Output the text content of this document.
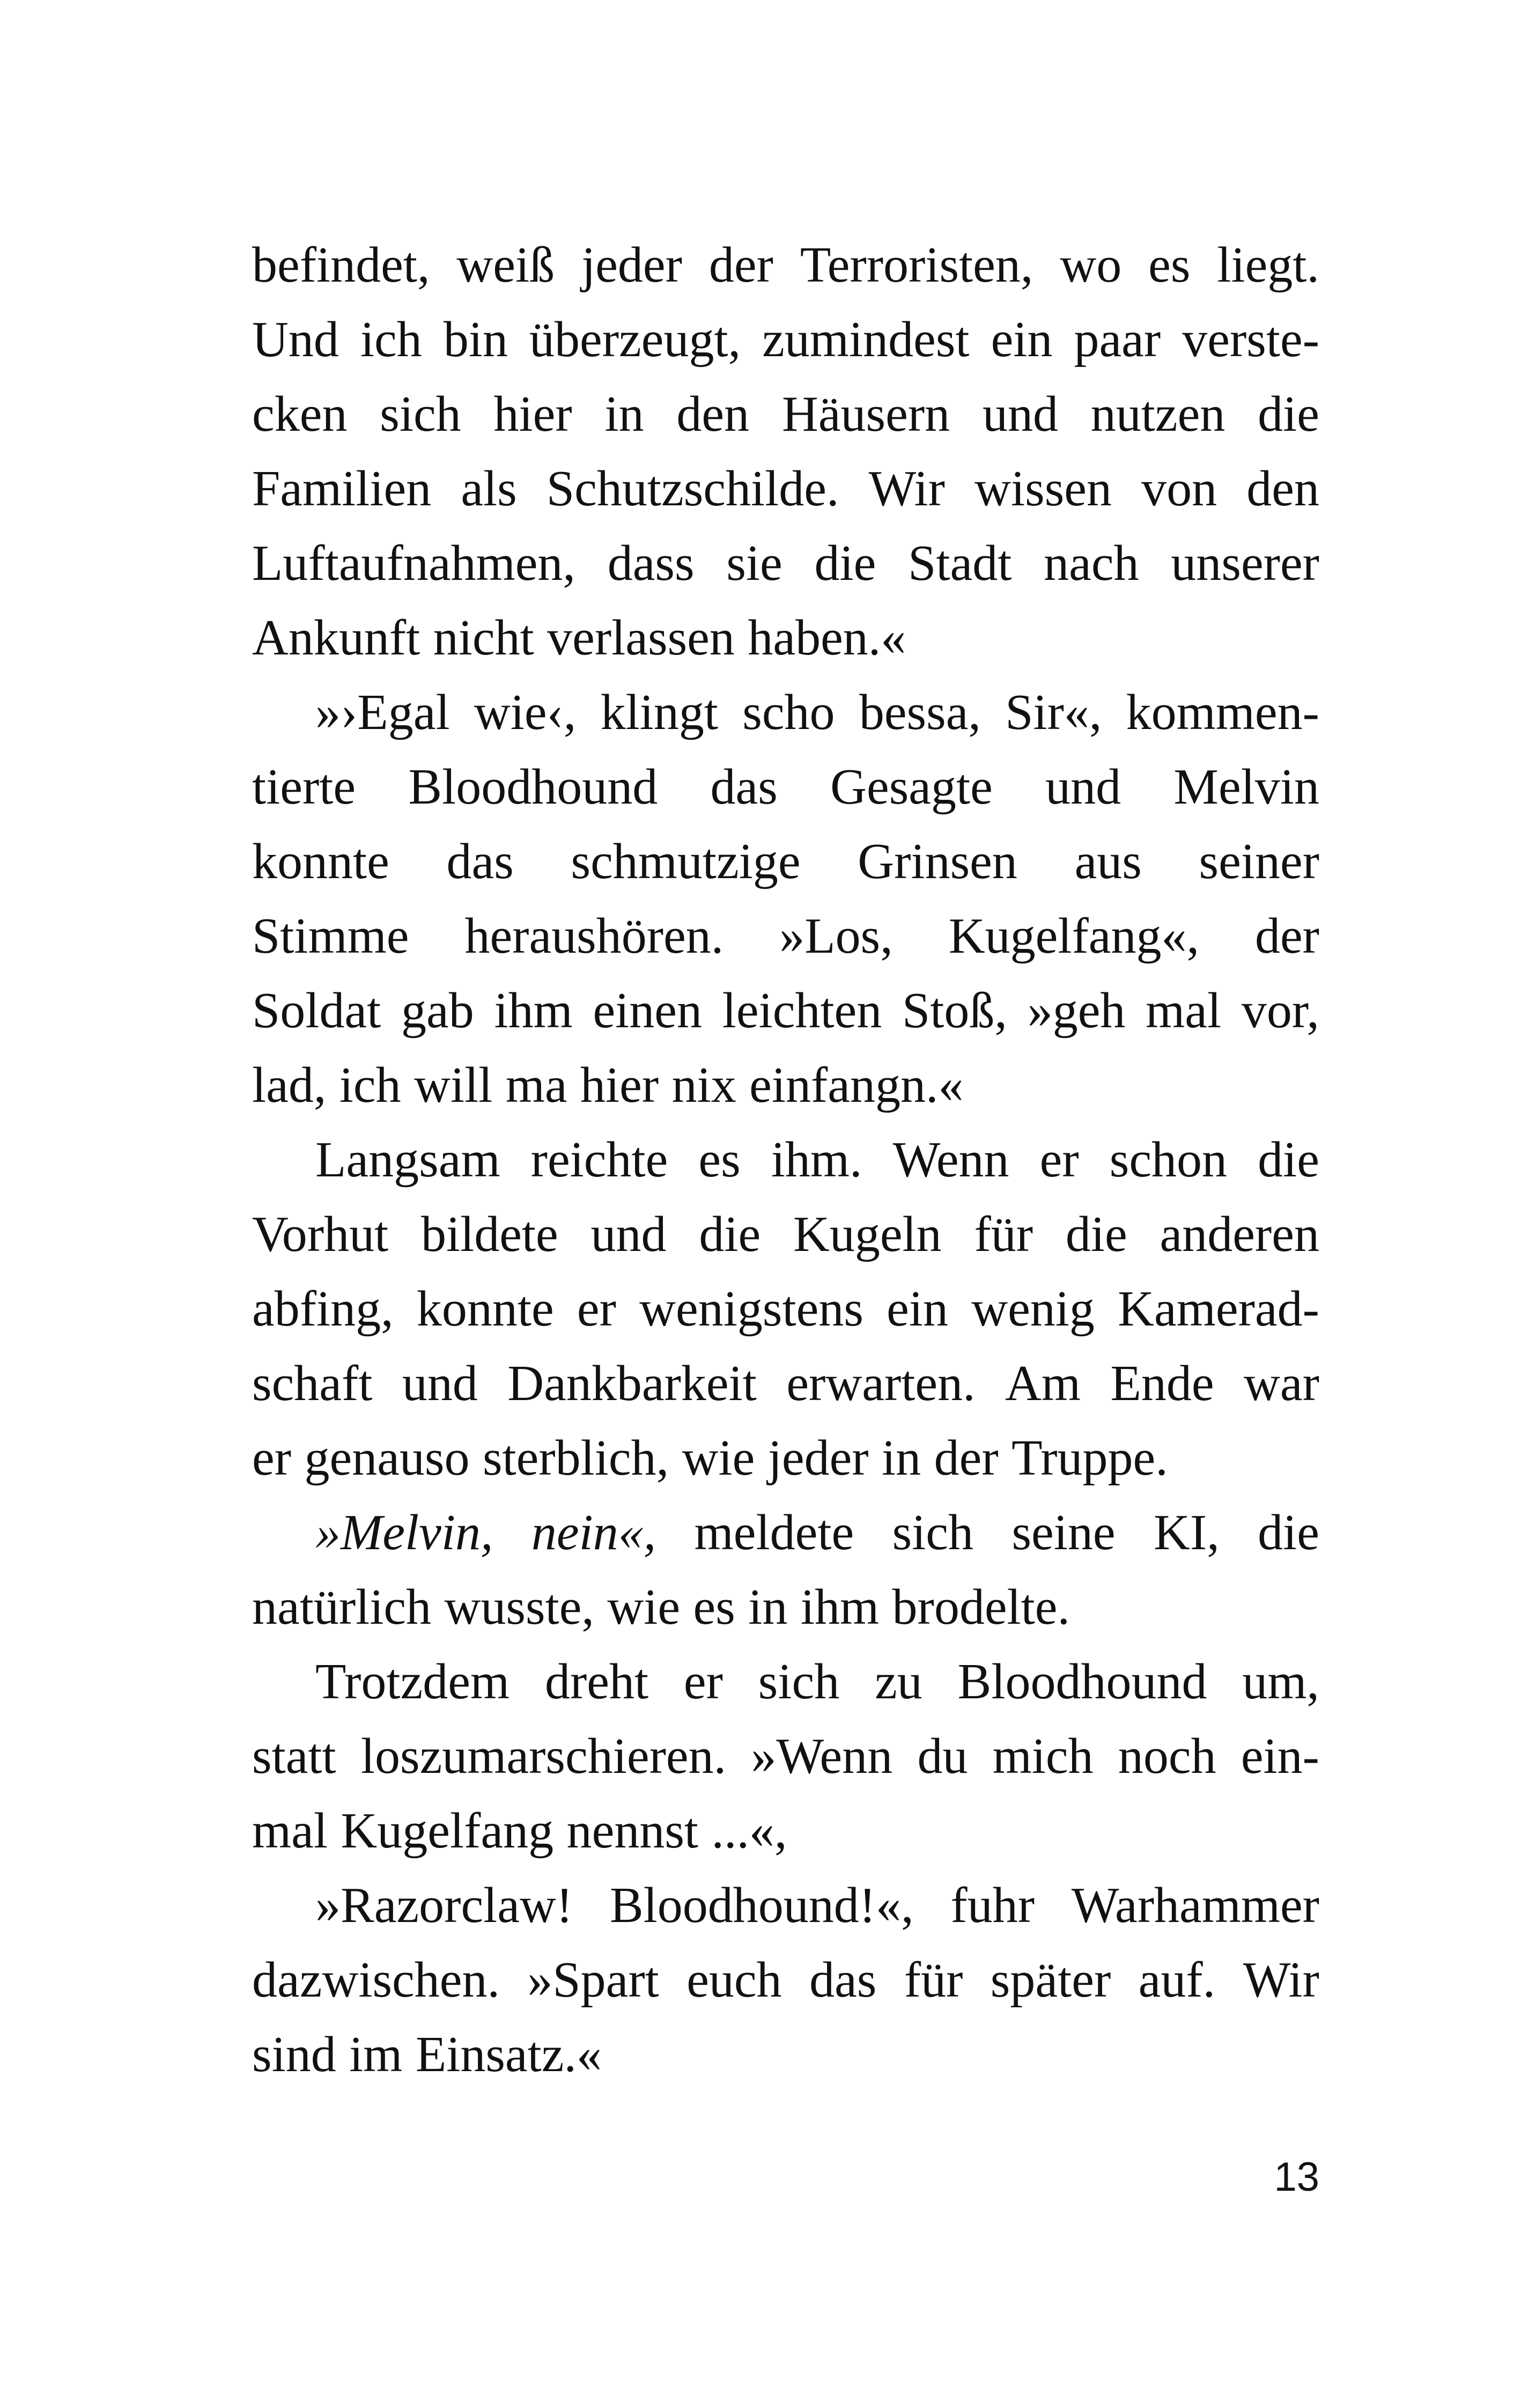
befindet, weiß jeder der Terroristen, wo es liegt.
Und ich bin überzeugt, zumindest ein paar verste-
cken sich hier in den Häusern und nutzen die
Familien als Schutzschilde. Wir wissen von den
Luftaufnahmen, dass sie die Stadt nach unserer
Ankunft nicht verlassen haben.«
»›Egal wie‹, klingt scho bessa, Sir«, kommen-
tierte Bloodhound das Gesagte und Melvin
konnte das schmutzige Grinsen aus seiner
Stimme heraushören. »Los, Kugelfang«, der
Soldat gab ihm einen leichten Stoß, »geh mal vor,
lad, ich will ma hier nix einfangn.«
Langsam reichte es ihm. Wenn er schon die
Vorhut bildete und die Kugeln für die anderen
abfing, konnte er wenigstens ein wenig Kamerad-
schaft und Dankbarkeit erwarten. Am Ende war
er genauso sterblich, wie jeder in der Truppe.
»Melvin, nein«, meldete sich seine KI, die
natürlich wusste, wie es in ihm brodelte.
Trotzdem dreht er sich zu Bloodhound um,
statt loszumarschieren. »Wenn du mich noch ein-
mal Kugelfang nennst ...«,
»Razorclaw! Bloodhound!«, fuhr Warhammer
dazwischen. »Spart euch das für später auf. Wir
sind im Einsatz.«
13
